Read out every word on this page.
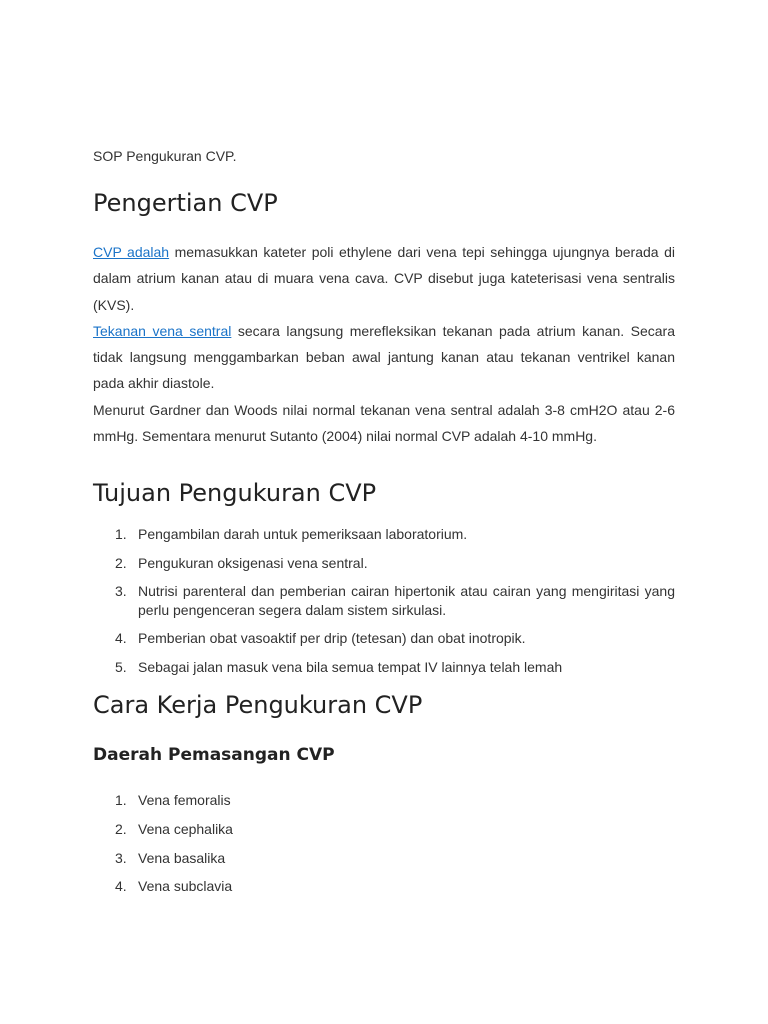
SOP Pengukuran CVP.

Pengertian CVP

CVP adalah memasukkan kateter poli ethylene dari vena tepi sehingga ujungnya berada di dalam atrium kanan atau di muara vena cava. CVP disebut juga kateterisasi vena sentralis (KVS).

Tekanan vena sentral secara langsung merefleksikan tekanan pada atrium kanan. Secara tidak langsung menggambarkan beban awal jantung kanan atau tekanan ventrikel kanan pada akhir diastole.

Menurut Gardner dan Woods nilai normal tekanan vena sentral adalah 3-8 cmH2O atau 2-6 mmHg. Sementara menurut Sutanto (2004) nilai normal CVP adalah 4-10 mmHg.

Tujuan Pengukuran CVP
1. Pengambilan darah untuk pemeriksaan laboratorium.
2. Pengukuran oksigenasi vena sentral.
3. Nutrisi parenteral dan pemberian cairan hipertonik atau cairan yang mengiritasi yang perlu pengenceran segera dalam sistem sirkulasi.
4. Pemberian obat vasoaktif per drip (tetesan) dan obat inotropik.
5. Sebagai jalan masuk vena bila semua tempat IV lainnya telah lemah
Cara Kerja Pengukuran CVP
Daerah Pemasangan CVP
1. Vena femoralis
2. Vena cephalika
3. Vena basalika
4. Vena subclavia
